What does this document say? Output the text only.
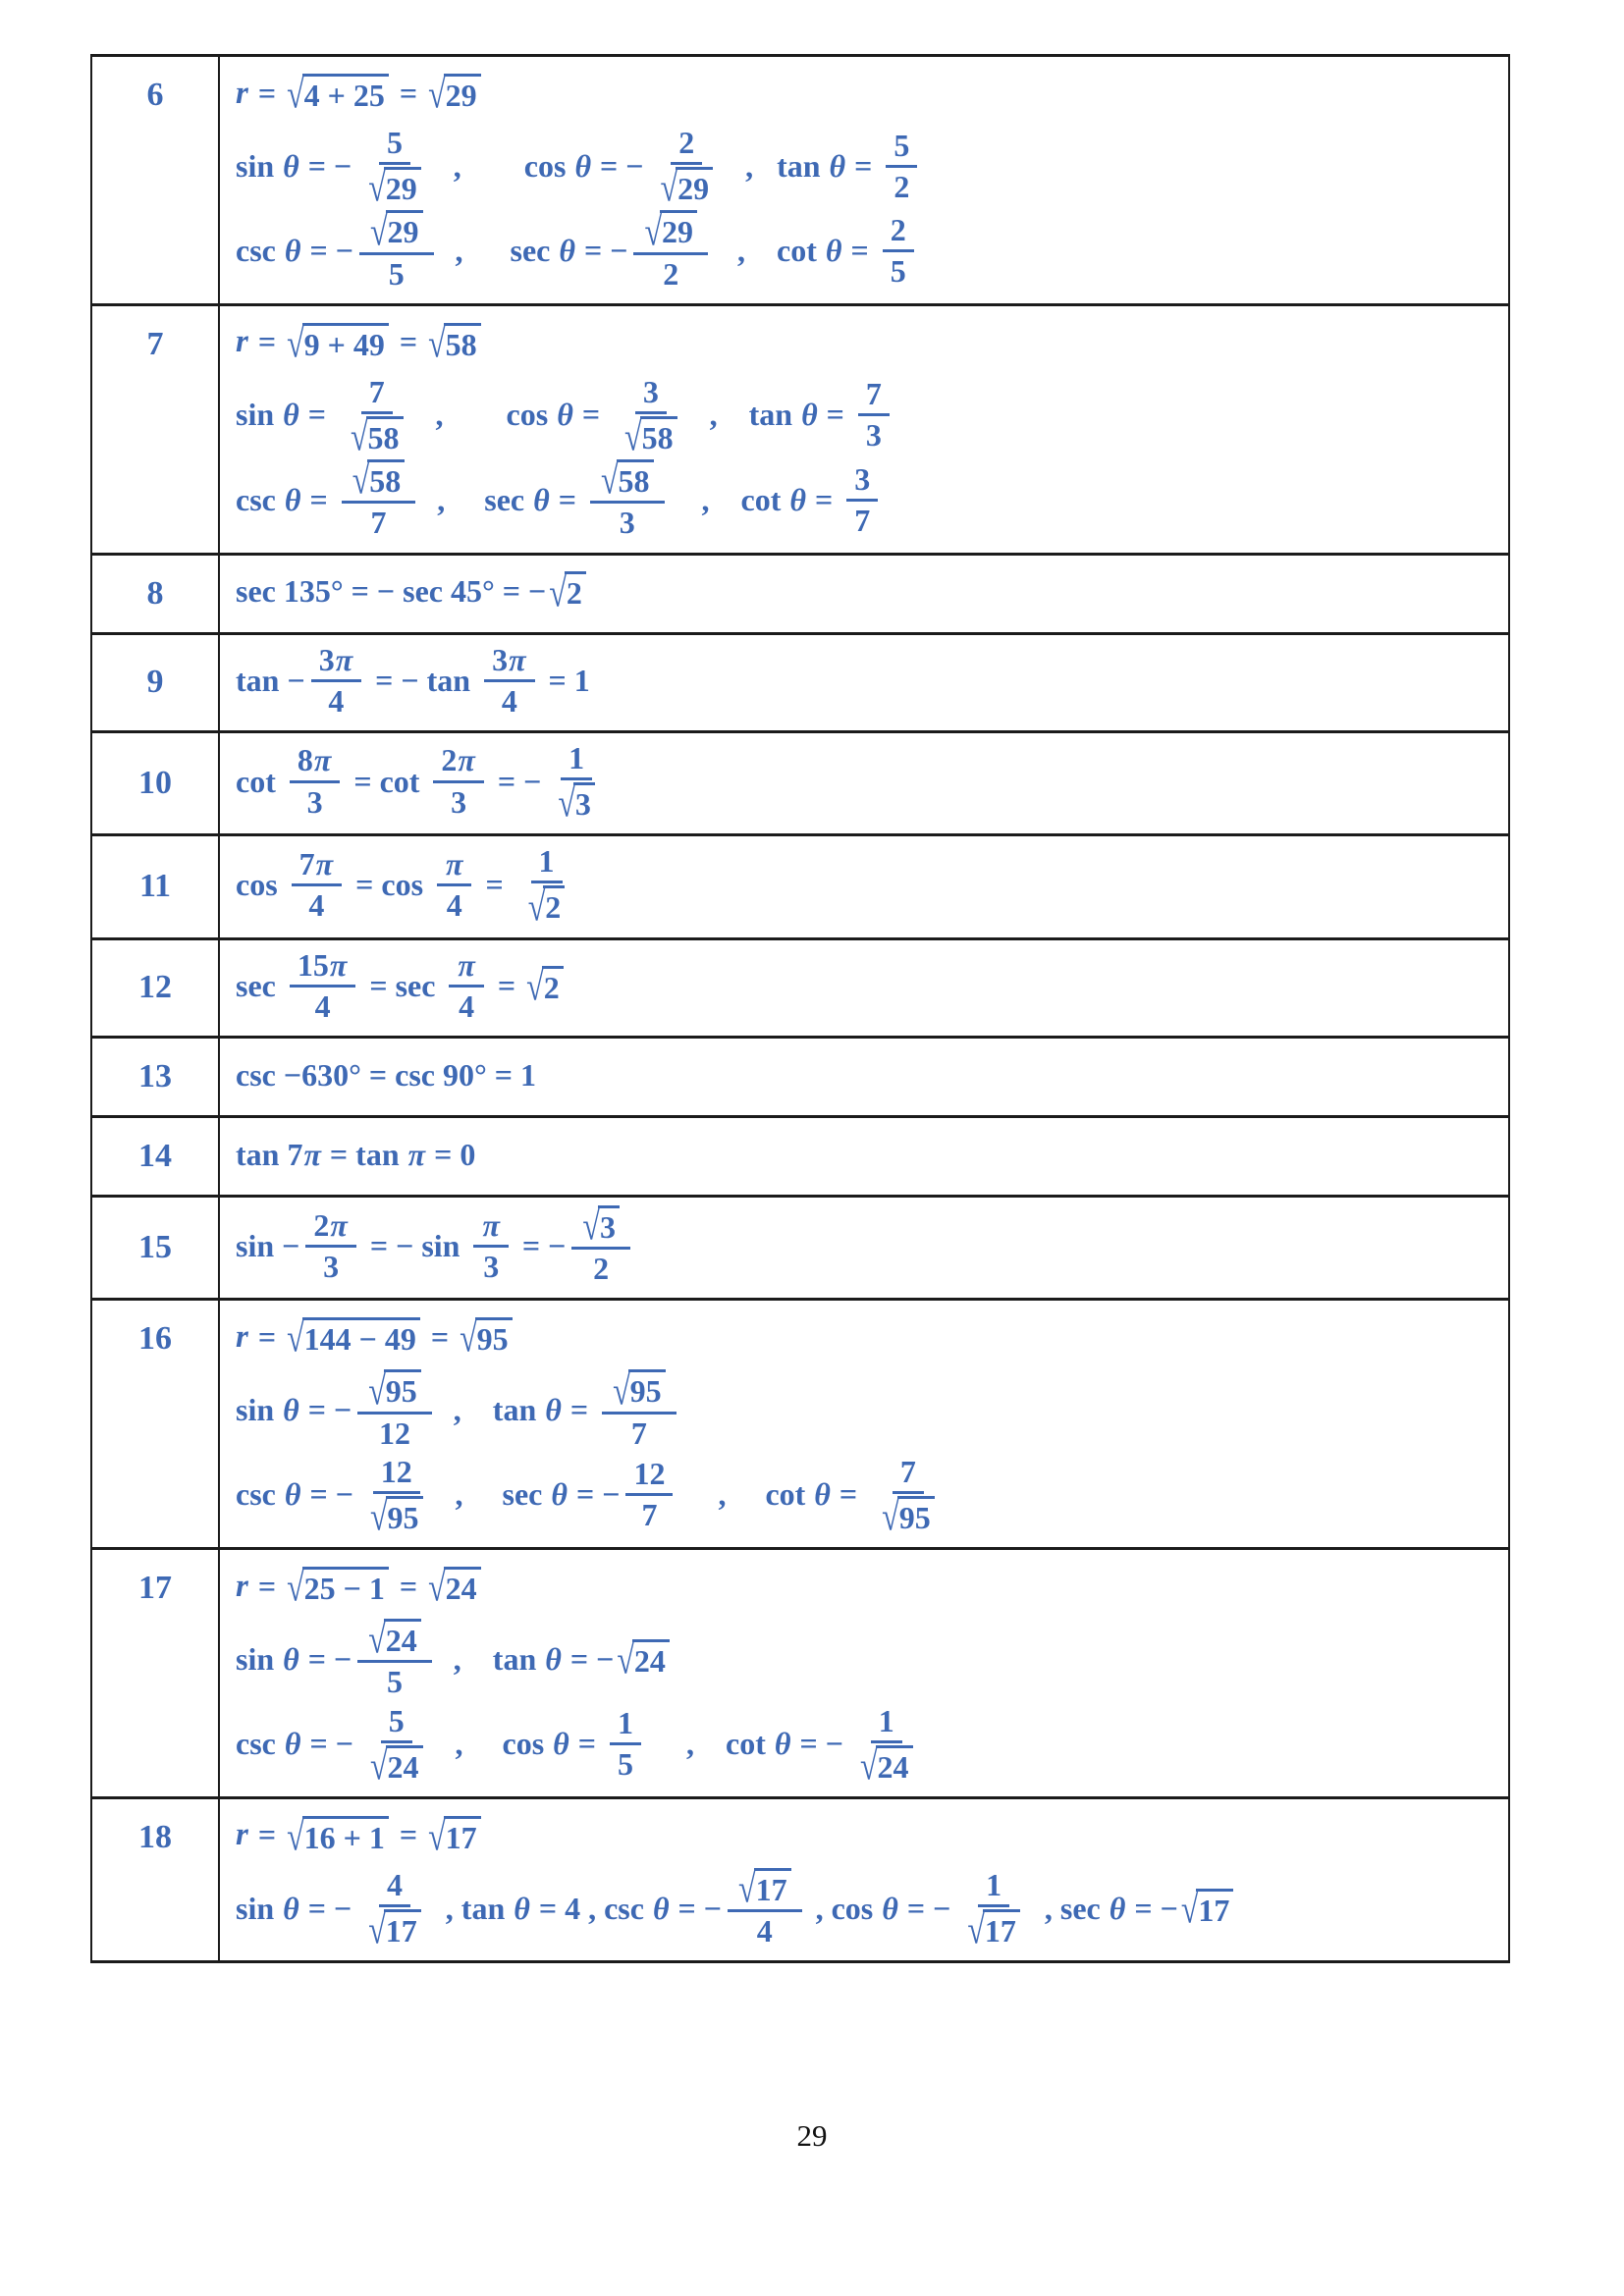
6	r = √ 4 + 25 = √ 29
sin θ = − $\frac{5}{√ 29}$ , cos θ = − $\frac{2}{√ 29}$ , $\tan \theta = \frac{5}{2}$
csc θ = − $\frac{√ 29}{5}$ , sec θ = − $\frac{√ 29}{2}$ , $\cot \theta = \frac{2}{5}$

7	r = √ 9 + 49 = √ 58
$\sin \theta = \frac{7}{√ 58}$ , $\cos \theta = \frac{3}{√ 58}$ , $\tan \theta = \frac{7}{3}$
$\csc \theta = \frac{√ 58}{7}$ , $\sec \theta = \frac{√ 58}{3}$	, $\cot \theta = \frac{3}{7}$

8	sec 135° = − sec 45° = − √ 2

9	$\tan - \frac{3\pi}{4}$ = − $\tan \frac{3\pi}{4} = 1$

10	$\cot \frac{8\pi}{3} = \cot \frac{2\pi}{3}$ = − $\frac{1}{√ 3}$

11	$\cos \frac{7\pi}{4} = \cos \frac{\pi}{4} = \frac{1}{√ 2}$

12	$\sec \frac{15\pi}{4} = \sec \frac{\pi}{4}$ = √ 2

13	csc −630° = csc 90° = 1

14	tan 7π = tan π = 0

15	$\sin - \frac{2\pi}{3}$ = − $\sin \frac{\pi}{3}$ = − $\frac{√ 3}{2}$

16	r = √ 144 − 49 = √ 95
sin θ = − $\frac{√ 95}{12}$ , $\tan \theta = \frac{√ 95}{7}$
csc θ = − $\frac{12}{√ 95}$ , sec θ = − $\frac{12}{7}$	, $\cot \theta = \frac{7}{√ 95}$

17	r = √ 25 − 1 = √ 24
sin θ = − $\frac{√ 24}{5}$ , tan θ = − √ 24
csc θ = − $\frac{5}{√ 24}$ , $\cos \theta = \frac{1}{5}$	, cot θ = − $\frac{1}{√ 24}$

18	r = √ 16 + 1 = √ 17
sin θ = − $\frac{4}{√ 17}$ , tan θ = 4 , csc θ = − $\frac{√ 17}{4}$ , cos θ = − $\frac{1}{√ 17}$ , sec θ = − √ 17
29
